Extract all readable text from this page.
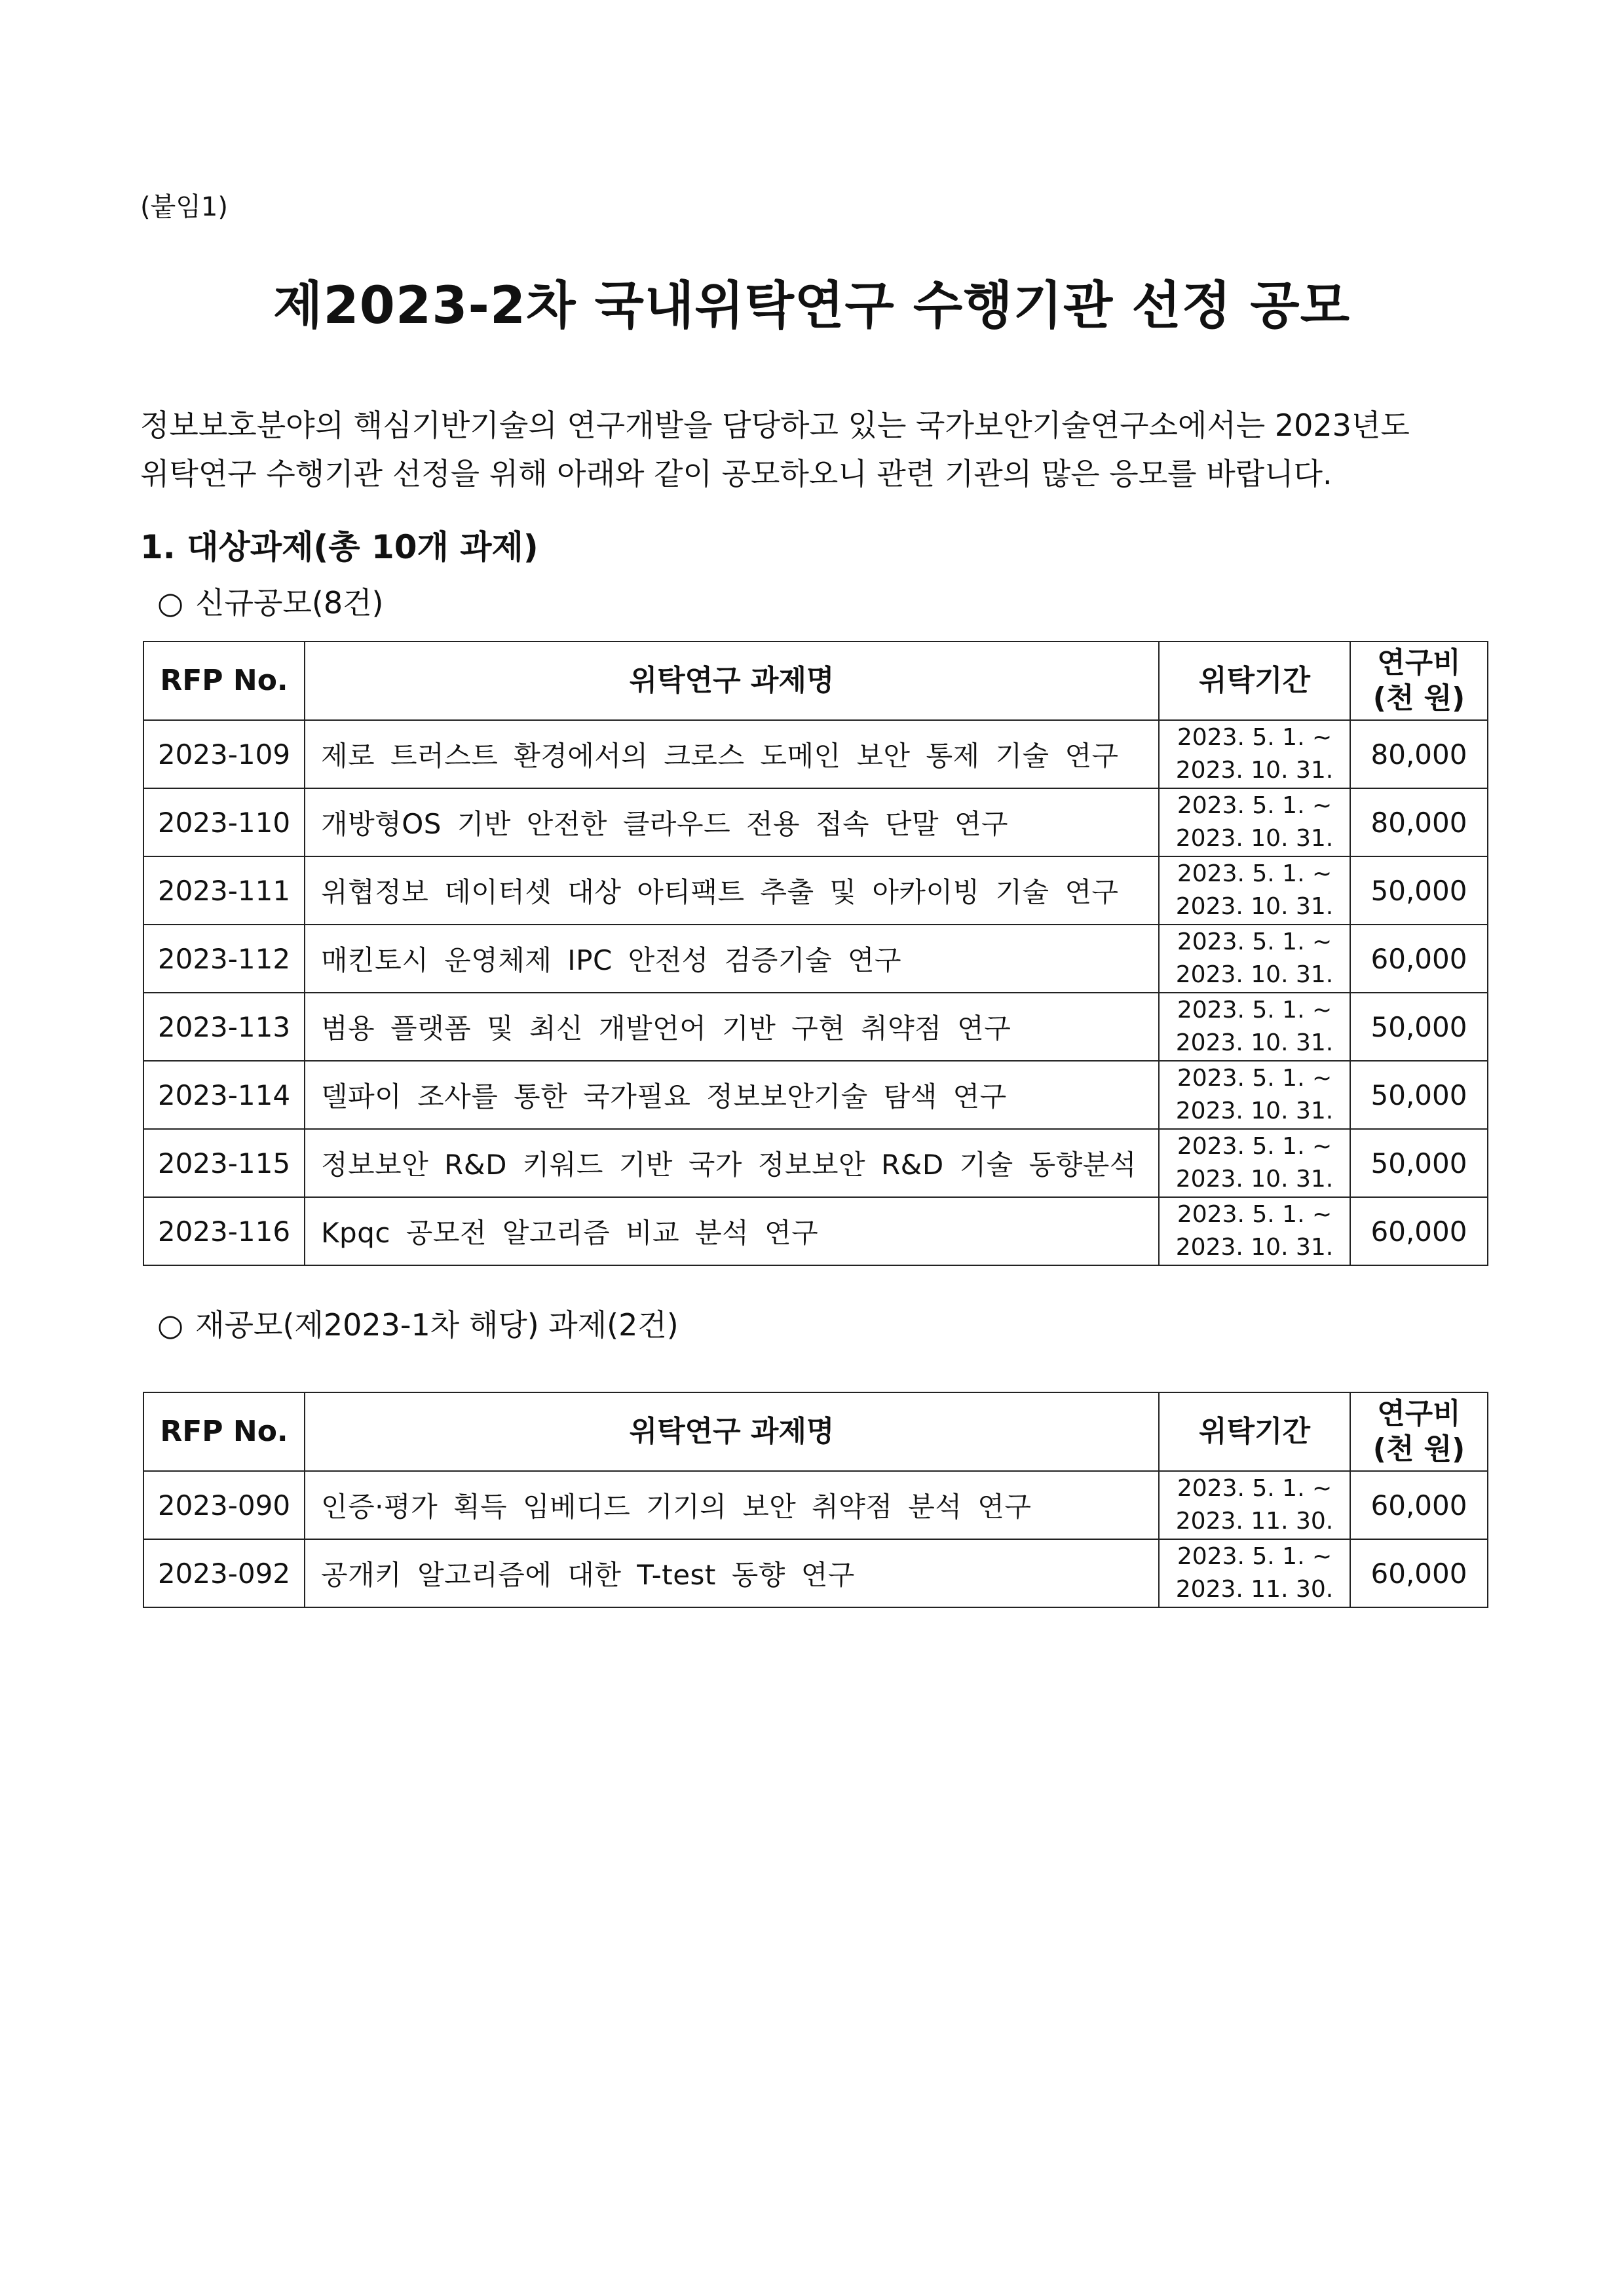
(붙임1)
제2023-2차 국내위탁연구 수행기관 선정 공모

정보보호분야의 핵심기반기술의 연구개발을 담당하고 있는 국가보안기술연구소에서는 2023년도

위탁연구 수행기관 선정을 위해 아래와 같이 공모하오니 관련 기관의 많은 응모를 바랍니다.

1. 대상과제(총 10개 과제)
○ 신규공모(8건)
RFP No.	위탁연구 과제명	위탁기간	연구비
(천 원)

2023-109	제로 트러스트 환경에서의 크로스 도메인 보안 통제 기술 연구	2023. 5. 1. ~
2023. 10. 31.	80,000
2023-110	개방형OS 기반 안전한 클라우드 전용 접속 단말 연구	2023. 5. 1. ~
2023. 10. 31.	80,000
2023-111	위협정보 데이터셋 대상 아티팩트 추출 및 아카이빙 기술 연구	2023. 5. 1. ~
2023. 10. 31.	50,000
2023-112	매킨토시 운영체제 IPC 안전성 검증기술 연구	2023. 5. 1. ~
2023. 10. 31.	60,000
2023-113	범용 플랫폼 및 최신 개발언어 기반 구현 취약점 연구	2023. 5. 1. ~
2023. 10. 31.	50,000
2023-114	델파이 조사를 통한 국가필요 정보보안기술 탐색 연구	2023. 5. 1. ~
2023. 10. 31.	50,000
2023-115	정보보안 R&D 키워드 기반 국가 정보보안 R&D 기술 동향분석	2023. 5. 1. ~
2023. 10. 31.	50,000
2023-116	Kpqc 공모전 알고리즘 비교 분석 연구	2023. 5. 1. ~
2023. 10. 31.	60,000
○ 재공모(제2023-1차 해당) 과제(2건)
RFP No.	위탁연구 과제명	위탁기간	연구비
(천 원)

2023-090	인증·평가 획득 임베디드 기기의 보안 취약점 분석 연구	2023. 5. 1. ~
2023. 11. 30.	60,000
2023-092	공개키 알고리즘에 대한 T-test 동향 연구	2023. 5. 1. ~
2023. 11. 30.	60,000
